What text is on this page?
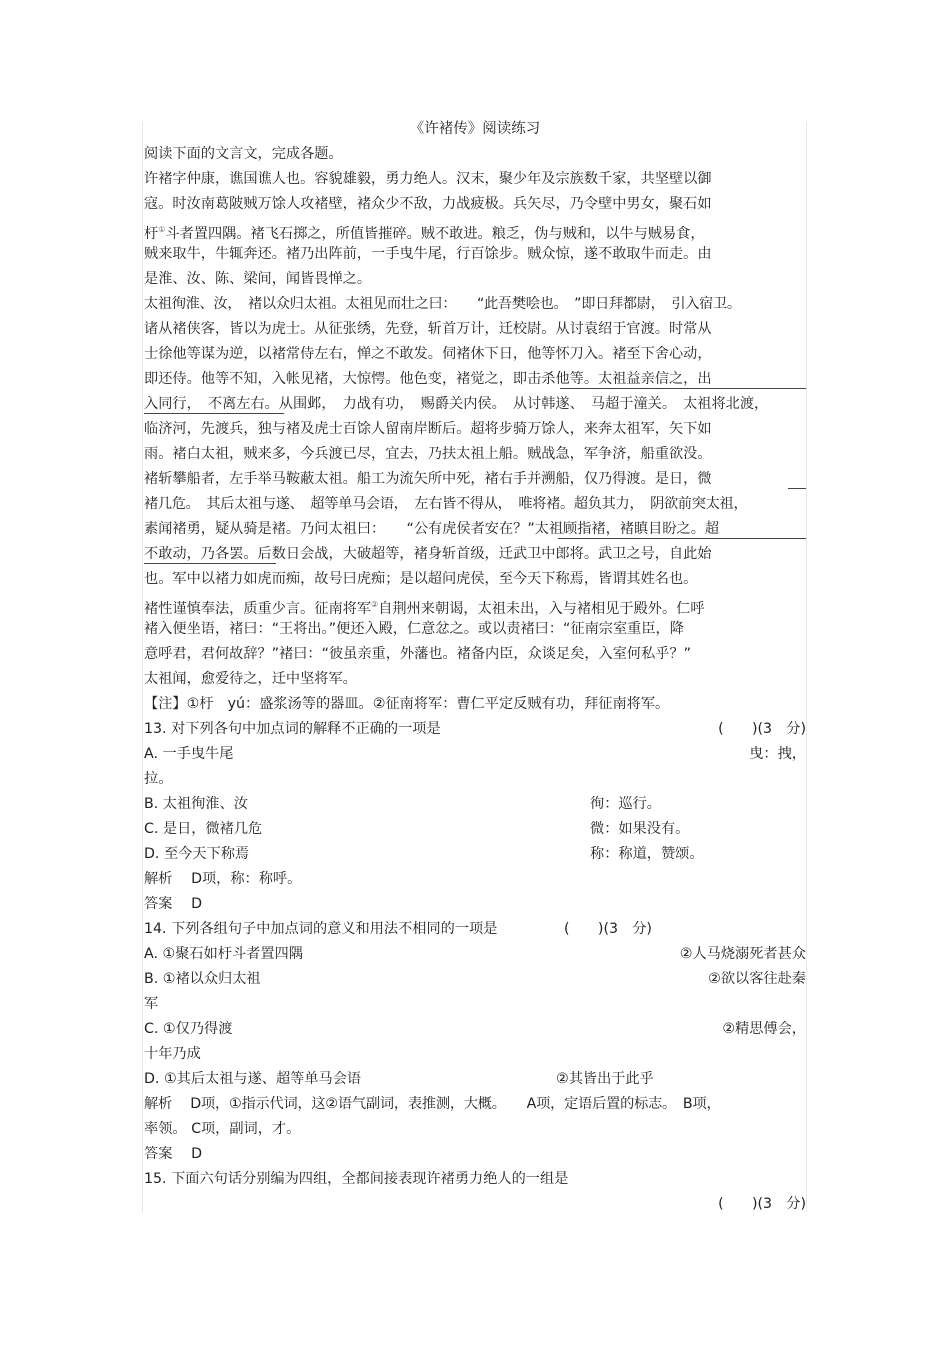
《许褚传》阅读练习
阅读下面的文言文，完成各题。
许褚字仲康，谯国谯人也。容貌雄毅，勇力绝人。汉末，聚少年及宗族数千家，共坚壁以御
寇。时汝南葛陂贼万馀人攻褚壁，褚众少不敌，力战疲极。兵矢尽，乃令壁中男女，聚石如
杅①斗者置四隅。褚飞石掷之，所值皆摧碎。贼不敢进。粮乏，伪与贼和，以牛与贼易食，
贼来取牛，牛辄奔还。褚乃出阵前，一手曳牛尾，行百馀步。贼众惊，遂不敢取牛而走。由
是淮、汝、陈、梁间，闻皆畏惮之。
太祖徇淮、汝，　褚以众归太祖。太祖见而壮之曰：　　“此吾樊哙也。　”即日拜都尉，　引入宿卫。
诸从褚侠客，皆以为虎士。从征张绣，先登，斩首万计，迁校尉。从讨袁绍于官渡。时常从
士徐他等谋为逆，以褚常侍左右，惮之不敢发。伺褚休下日，他等怀刀入。褚至下舍心动，
即还侍。他等不知，入帐见褚，大惊愕。他色变，褚觉之，即击杀他等。太祖益亲信之，出
入同行，　不离左右。从围邺，　力战有功，　赐爵关内侯。　从讨韩遂、　马超于潼关。　太祖将北渡，
临济河，先渡兵，独与褚及虎士百馀人留南岸断后。超将步骑万馀人，来奔太祖军，矢下如
雨。褚白太祖，贼来多，今兵渡已尽，宜去，乃扶太祖上船。贼战急，军争济，船重欲没。
褚斩攀船者，左手举马鞍蔽太祖。船工为流矢所中死，褚右手并溯船，仅乃得渡。是日，微
褚几危。　其后太祖与遂、　超等单马会语，　左右皆不得从，　唯将褚。超负其力，　阴欲前突太祖，
素闻褚勇，疑从骑是褚。乃问太祖曰：　　“公有虎侯者安在？”太祖顾指褚，褚瞋目盼之。超
不敢动，乃各罢。后数日会战，大破超等，褚身斩首级，迁武卫中郎将。武卫之号，自此始
也。军中以褚力如虎而痴，故号曰虎痴；是以超问虎侯，至今天下称焉，皆谓其姓名也。
褚性谨慎奉法，质重少言。征南将军②自荆州来朝谒，太祖未出，入与褚相见于殿外。仁呼
褚入便坐语，褚曰：“王将出。”便还入殿，仁意忿之。或以责褚曰：“征南宗室重臣，降
意呼君，君何故辞？”褚曰：“彼虽亲重，外藩也。褚备内臣，众谈足矣，入室何私乎？”
太祖闻，愈爱待之，迁中坚将军。
【注】①杅　yú：盛浆汤等的器皿。②征南将军：曹仁平定反贼有功，拜征南将军。
13. 对下列各句中加点词的解释不正确的一项是	(　　)(3　分)
A. 一手曳牛尾	曳：拽，
拉。
B. 太祖徇淮、汝	徇：巡行。
C. 是日，微褚几危	微：如果没有。
D. 至今天下称焉	称：称道，赞颂。
解析　 D项，称：称呼。
答案　 D
14. 下列各组句子中加点词的意义和用法不相同的一项是	(　　)(3　分)
A. ①聚石如杅斗者置四隅	②人马烧溺死者甚众
B. ①褚以众归太祖	②欲以客往赴秦
军
C. ①仅乃得渡	②精思傅会，
十年乃成
D. ①其后太祖与遂、超等单马会语	②其皆出于此乎
解析　 D项，①指示代词，这②语气副词，表推测，大概。　　A项，定语后置的标志。　B项，
率领。 C项，副词，才。
答案　 D
15. 下面六句话分别编为四组，全都间接表现许褚勇力绝人的一组是
(　　)(3　分)
